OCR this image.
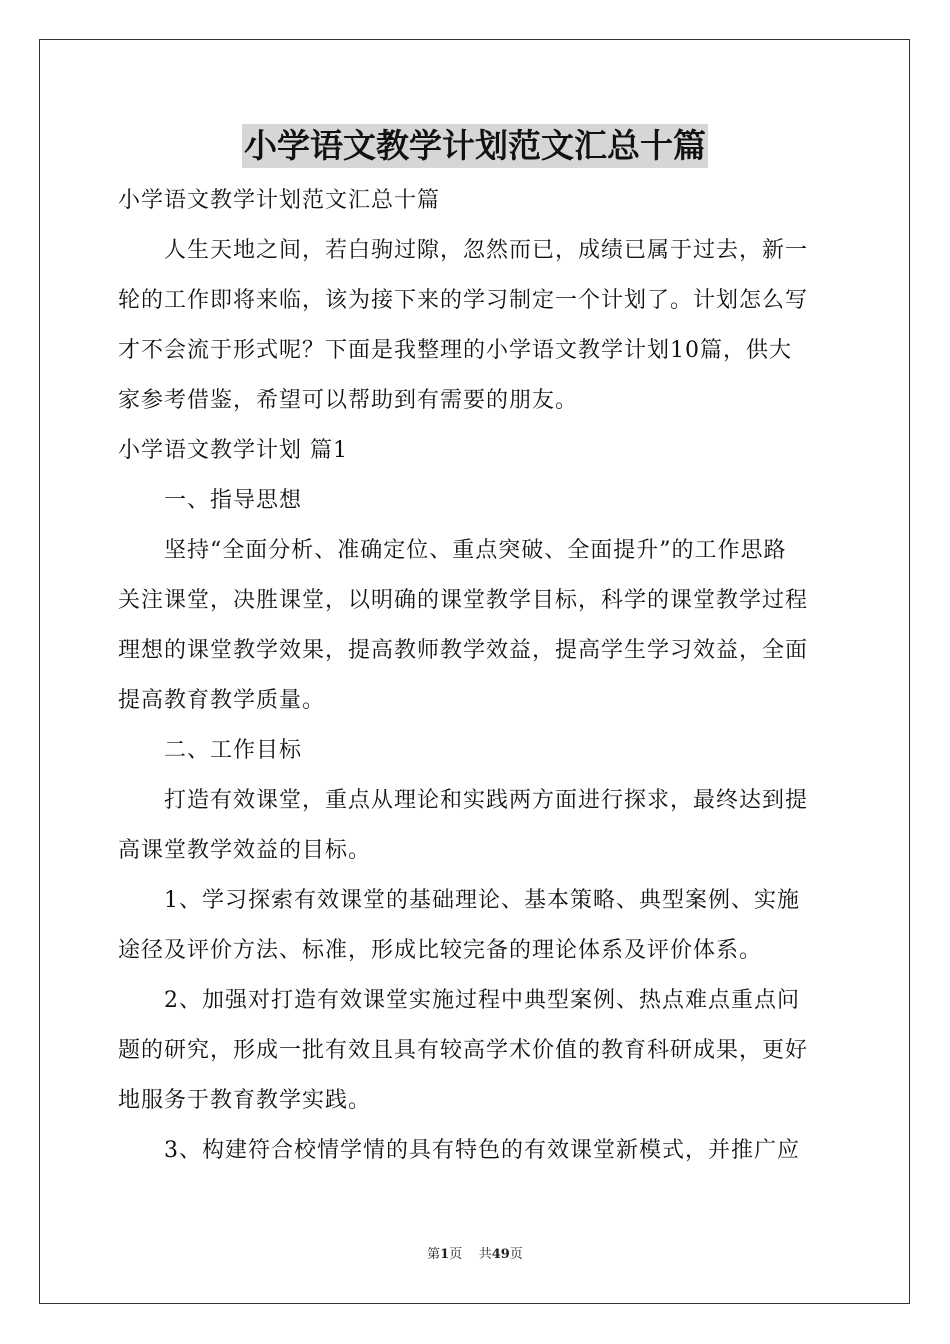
小学语文教学计划范文汇总十篇
小学语文教学计划范文汇总十篇
人生天地之间，若白驹过隙，忽然而已，成绩已属于过去，新一
轮的工作即将来临，该为接下来的学习制定一个计划了。计划怎么写
才不会流于形式呢？下面是我整理的小学语文教学计划10篇，供大
家参考借鉴，希望可以帮助到有需要的朋友。
小学语文教学计划 篇1
一、指导思想
坚持“全面分析、准确定位、重点突破、全面提升”的工作思路
关注课堂，决胜课堂，以明确的课堂教学目标，科学的课堂教学过程
理想的课堂教学效果，提高教师教学效益，提高学生学习效益，全面
提高教育教学质量。
二、工作目标
打造有效课堂，重点从理论和实践两方面进行探求，最终达到提
高课堂教学效益的目标。
1、学习探索有效课堂的基础理论、基本策略、典型案例、实施
途径及评价方法、标准，形成比较完备的理论体系及评价体系。
2、加强对打造有效课堂实施过程中典型案例、热点难点重点问
题的研究，形成一批有效且具有较高学术价值的教育科研成果，更好
地服务于教育教学实践。
3、构建符合校情学情的具有特色的有效课堂新模式，并推广应
第1页 共49页
